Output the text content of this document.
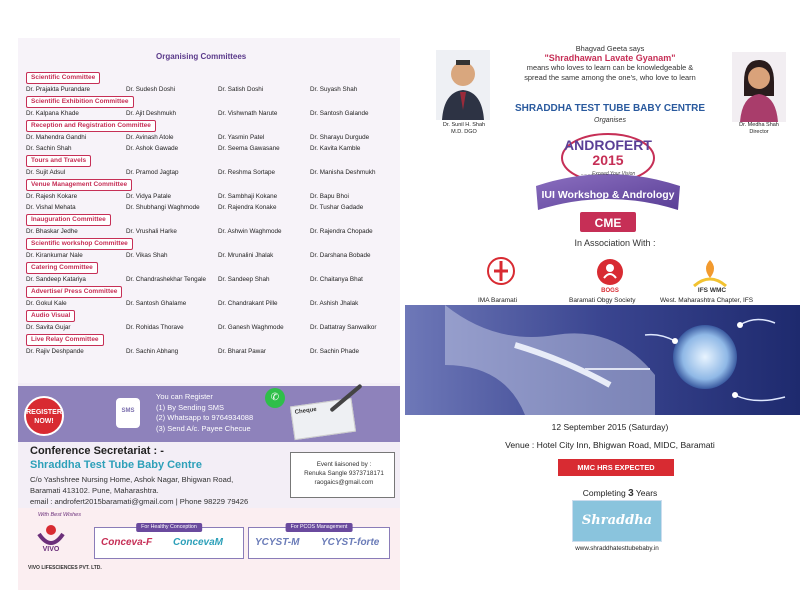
Organising Committees
Scientific Committee
Dr. Prajakta Purandare	Dr. Sudesh Doshi	Dr. Satish Doshi	Dr. Suyash Shah
Scientific Exhibition Committee
Dr. Kalpana Khade	Dr. Ajit Deshmukh	Dr. Vishwnath Narute	Dr. Santosh Galande
Reception and Registration Committee
Dr. Mahendra Gandhi	Dr. Avinash Atole	Dr. Yasmin Patel	Dr. Sharayu Durgude
Dr. Sachin Shah	Dr. Ashok Gawade	Dr. Seema Gawasane	Dr. Kavita Kamble
Tours and Travels
Dr. Sujit Adsul	Dr. Pramod Jagtap	Dr. Reshma Sortape	Dr. Manisha Deshmukh
Venue Management Committee
Dr. Rajesh Kokare	Dr. Vidya Patale	Dr. Sambhaji Kokane	Dr. Bapu Bhoi
Dr. Vishal Mehata	Dr. Shubhangi Waghmode	Dr. Rajendra Konake	Dr. Tushar Gadade
Inauguration Committee
Dr. Bhaskar Jedhe	Dr. Vrushali Harke	Dr. Ashwin Waghmode	Dr. Rajendra Chopade
Scientific workshop Committee
Dr. Kirankumar Nale	Dr. Vikas Shah	Dr. Mrunalini Jhalak	Dr. Darshana Bobade
Catering Committee
Dr. Sandeep Katariya	Dr. Chandrashekhar Tengale Dr. Sandeep Shah	Dr. Chaitanya Bhat
Advertise/ Press Committee
Dr. Gokul Kale	Dr. Santosh Ghalame	Dr. Chandrakant Pille	Dr. Ashish Jhalak
Audio Visual
Dr. Savita Gujar	Dr. Rohidas Thorave	Dr. Ganesh Waghmode	Dr. Dattatray Sanwalkor
Live Relay Committee
Dr. Rajiv Deshpande	Dr. Sachin Abhang	Dr. Bharat Pawar	Dr. Sachin Phade
REGISTER NOW!
SMS
You can Register
(1) By Sending SMS
(2) Whatsapp to 9764934088
(3) Send A/c. Payee Checue
✆
Cheque
Conference Secretariat : -
Shraddha Test Tube Baby Centre
C/o Yashshree Nursing Home, Ashok Nagar, Bhigwan Road,
Baramati 413102. Pune, Maharashtra.
email : androfert2015baramati@gmail.com | Phone 98229 79426
Event liaisoned by :
Renuka Sangle 9373718171
raogaics@gmail.com
With Best Wishes
VIVO
VIVO LIFESCIENCES PVT. LTD.
For Healthy Conception
Conceva-F ConcevaM
For PCOS Management
YCYST-M YCYST-forte
Dr. Sunil H. Shah
M.D. DGO
Dr. Medha Shah
Director
Bhagvad Geeta says
"Shradhawan Lavate Gyanam"
means who loves to learn can be knowledgeable &
spread the same among the one's, who love to learn
SHRADDHA TEST TUBE BABY CENTRE
Organises
ANDROFERT
2015
........Exceed Your Vision
IUI Workshop & Andrology
CME
In Association With :
IMA Baramati
BOGS
Baramati Obgy Society
IFS WMC
West. Maharashtra Chapter, IFS
12 September 2015 (Saturday)
Venue : Hotel City Inn, Bhigwan Road, MIDC, Baramati
MMC HRS EXPECTED
Completing 3 Years
Shraddha
www.shraddhatesttubebaby.in
